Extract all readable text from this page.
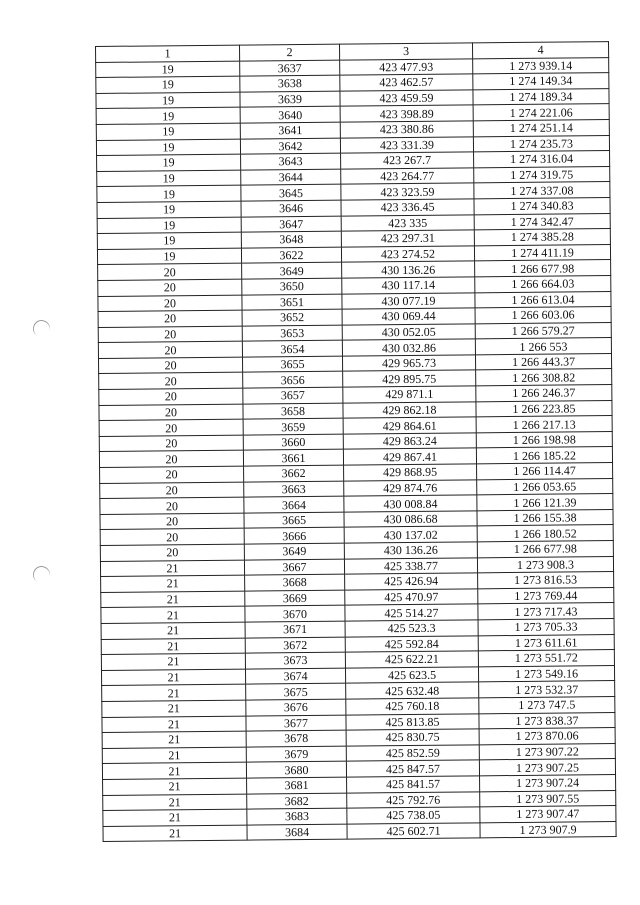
1	2	3	4
19	3637	423 477.93	1 273 939.14
19	3638	423 462.57	1 274 149.34
19	3639	423 459.59	1 274 189.34
19	3640	423 398.89	1 274 221.06
19	3641	423 380.86	1 274 251.14
19	3642	423 331.39	1 274 235.73
19	3643	423 267.7	1 274 316.04
19	3644	423 264.77	1 274 319.75
19	3645	423 323.59	1 274 337.08
19	3646	423 336.45	1 274 340.83
19	3647	423 335	1 274 342.47
19	3648	423 297.31	1 274 385.28
19	3622	423 274.52	1 274 411.19
20	3649	430 136.26	1 266 677.98
20	3650	430 117.14	1 266 664.03
20	3651	430 077.19	1 266 613.04
20	3652	430 069.44	1 266 603.06
20	3653	430 052.05	1 266 579.27
20	3654	430 032.86	1 266 553
20	3655	429 965.73	1 266 443.37
20	3656	429 895.75	1 266 308.82
20	3657	429 871.1	1 266 246.37
20	3658	429 862.18	1 266 223.85
20	3659	429 864.61	1 266 217.13
20	3660	429 863.24	1 266 198.98
20	3661	429 867.41	1 266 185.22
20	3662	429 868.95	1 266 114.47
20	3663	429 874.76	1 266 053.65
20	3664	430 008.84	1 266 121.39
20	3665	430 086.68	1 266 155.38
20	3666	430 137.02	1 266 180.52
20	3649	430 136.26	1 266 677.98
21	3667	425 338.77	1 273 908.3
21	3668	425 426.94	1 273 816.53
21	3669	425 470.97	1 273 769.44
21	3670	425 514.27	1 273 717.43
21	3671	425 523.3	1 273 705.33
21	3672	425 592.84	1 273 611.61
21	3673	425 622.21	1 273 551.72
21	3674	425 623.5	1 273 549.16
21	3675	425 632.48	1 273 532.37
21	3676	425 760.18	1 273 747.5
21	3677	425 813.85	1 273 838.37
21	3678	425 830.75	1 273 870.06
21	3679	425 852.59	1 273 907.22
21	3680	425 847.57	1 273 907.25
21	3681	425 841.57	1 273 907.24
21	3682	425 792.76	1 273 907.55
21	3683	425 738.05	1 273 907.47
21	3684	425 602.71	1 273 907.9
